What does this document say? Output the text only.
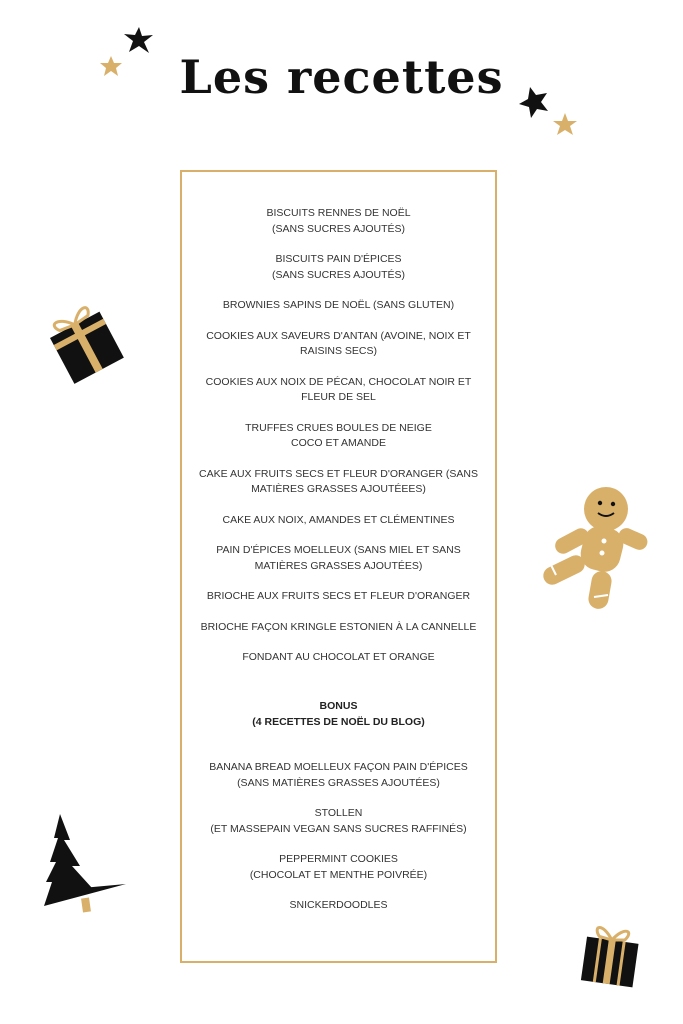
Les recettes
BISCUITS RENNES DE NOËL
(SANS SUCRES AJOUTÉS)
BISCUITS PAIN D'ÉPICES
(SANS SUCRES AJOUTÉS)
BROWNIES SAPINS DE NOËL (SANS GLUTEN)
COOKIES AUX SAVEURS D'ANTAN (AVOINE, NOIX ET
RAISINS SECS)
COOKIES AUX NOIX DE PÉCAN, CHOCOLAT NOIR ET
FLEUR DE SEL
TRUFFES CRUES BOULES DE NEIGE
COCO ET AMANDE
CAKE AUX FRUITS SECS ET FLEUR D'ORANGER (SANS
MATIÈRES GRASSES AJOUTÉEES)
CAKE AUX NOIX, AMANDES ET CLÉMENTINES
PAIN D'ÉPICES MOELLEUX (SANS MIEL ET SANS
MATIÈRES GRASSES AJOUTÉES)
BRIOCHE AUX FRUITS SECS ET FLEUR D'ORANGER
BRIOCHE FAÇON KRINGLE ESTONIEN À LA CANNELLE
FONDANT AU CHOCOLAT ET ORANGE
BONUS
(4 RECETTES DE NOËL DU BLOG)
BANANA BREAD MOELLEUX FAÇON PAIN D'ÉPICES
(SANS MATIÈRES GRASSES AJOUTÉES)
STOLLEN
(ET MASSEPAIN VEGAN SANS SUCRES RAFFINÉS)
PEPPERMINT COOKIES
(CHOCOLAT ET MENTHE POIVRÉE)
SNICKERDOODLES
